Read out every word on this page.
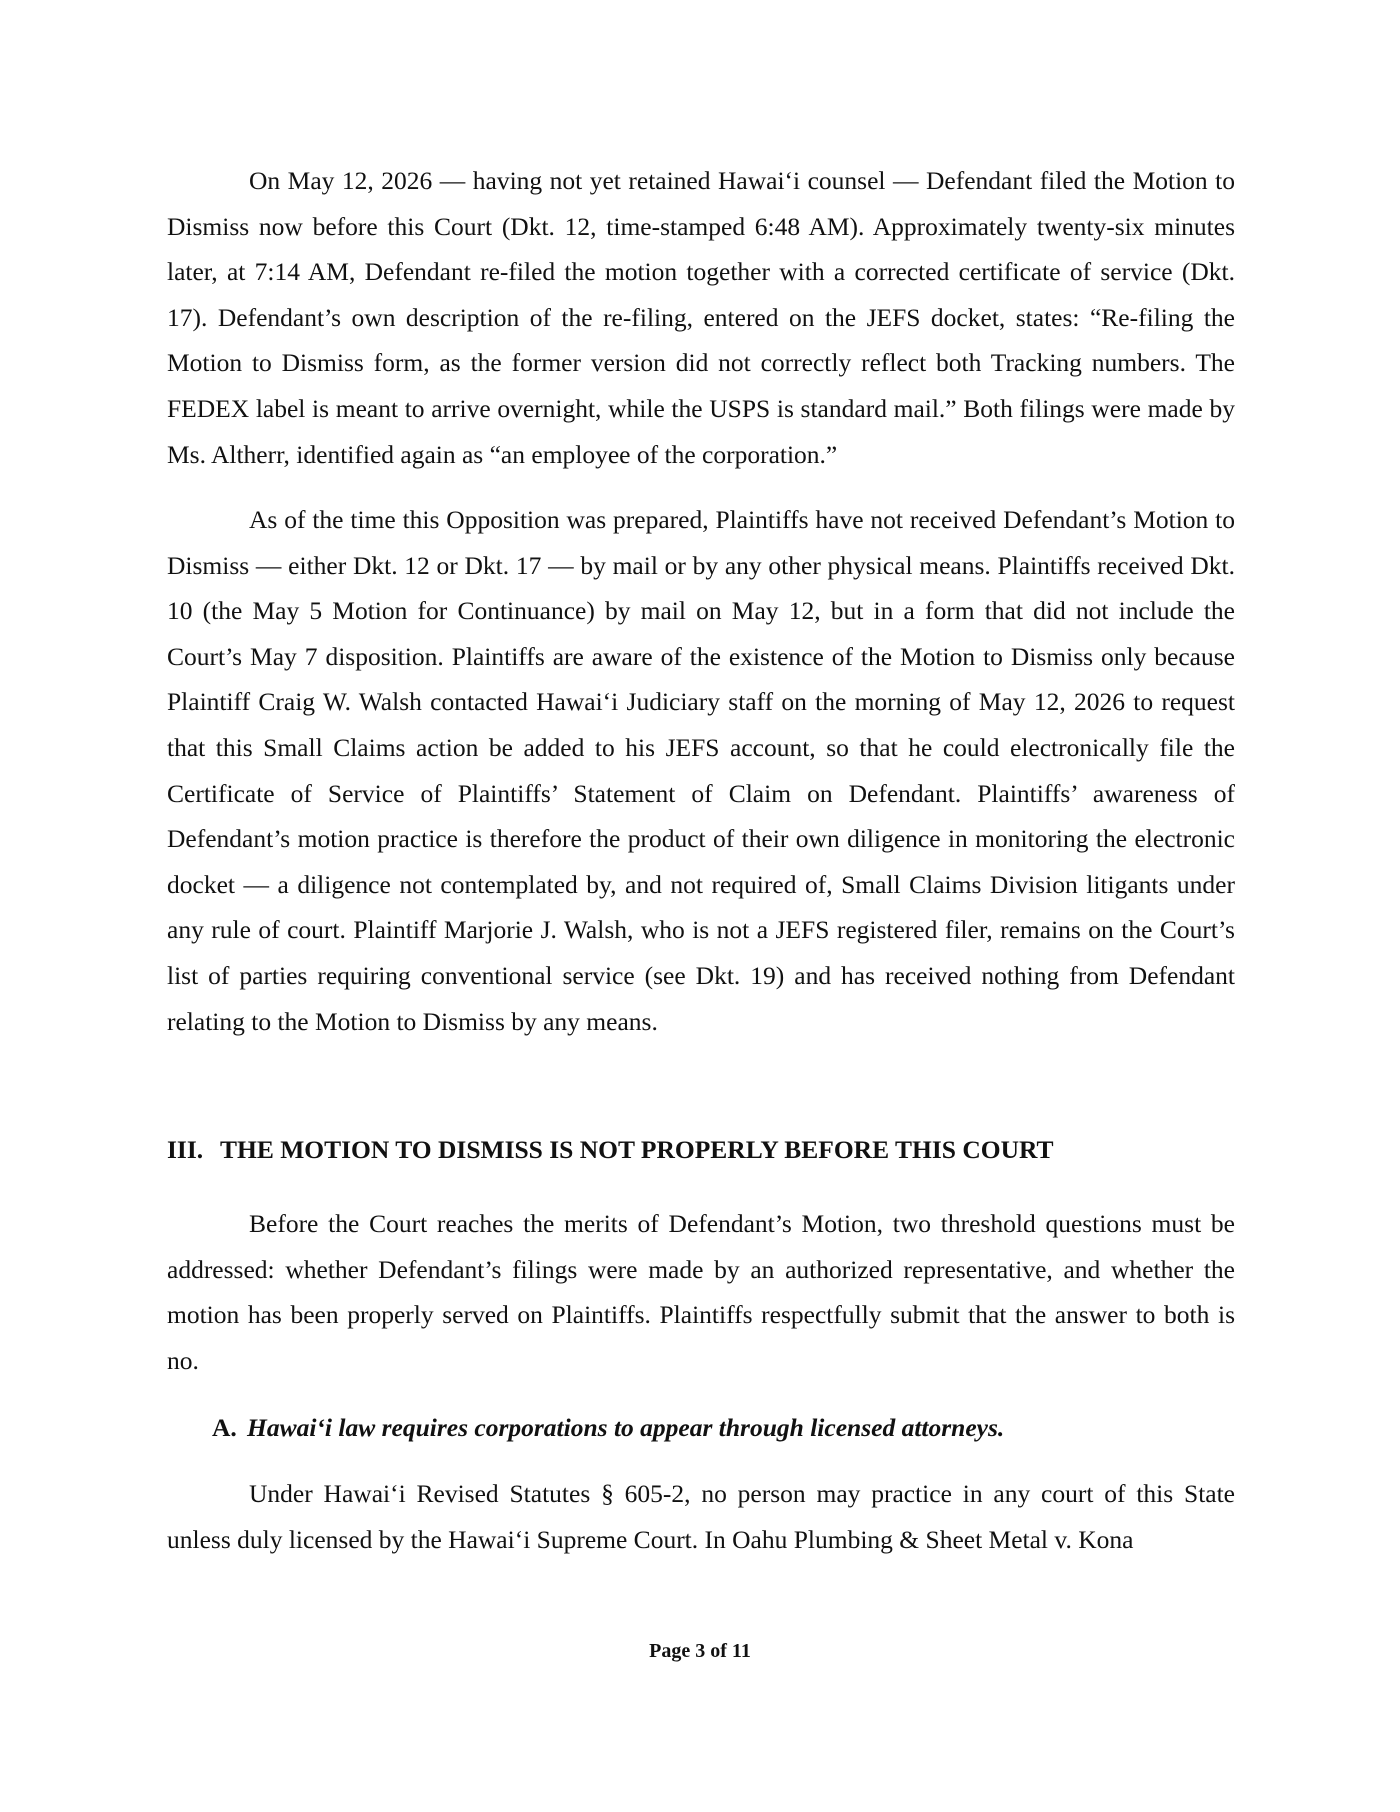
On May 12, 2026 — having not yet retained Hawai‘i counsel — Defendant filed the Motion to Dismiss now before this Court (Dkt. 12, time-stamped 6:48 AM). Approximately twenty-six minutes later, at 7:14 AM, Defendant re-filed the motion together with a corrected certificate of service (Dkt. 17). Defendant’s own description of the re-filing, entered on the JEFS docket, states: “Re-filing the Motion to Dismiss form, as the former version did not correctly reflect both Tracking numbers. The FEDEX label is meant to arrive overnight, while the USPS is standard mail.” Both filings were made by Ms. Altherr, identified again as “an employee of the corporation.”

As of the time this Opposition was prepared, Plaintiffs have not received Defendant’s Motion to Dismiss — either Dkt. 12 or Dkt. 17 — by mail or by any other physical means. Plaintiffs received Dkt. 10 (the May 5 Motion for Continuance) by mail on May 12, but in a form that did not include the Court’s May 7 disposition. Plaintiffs are aware of the existence of the Motion to Dismiss only because Plaintiff Craig W. Walsh contacted Hawai‘i Judiciary staff on the morning of May 12, 2026 to request that this Small Claims action be added to his JEFS account, so that he could electronically file the Certificate of Service of Plaintiffs’ Statement of Claim on Defendant. Plaintiffs’ awareness of Defendant’s motion practice is therefore the product of their own diligence in monitoring the electronic docket — a diligence not contemplated by, and not required of, Small Claims Division litigants under any rule of court. Plaintiff Marjorie J. Walsh, who is not a JEFS registered filer, remains on the Court’s list of parties requiring conventional service (see Dkt. 19) and has received nothing from Defendant relating to the Motion to Dismiss by any means.

III. THE MOTION TO DISMISS IS NOT PROPERLY BEFORE THIS COURT

Before the Court reaches the merits of Defendant’s Motion, two threshold questions must be addressed: whether Defendant’s filings were made by an authorized representative, and whether the motion has been properly served on Plaintiffs. Plaintiffs respectfully submit that the answer to both is no.

A. Hawai‘i law requires corporations to appear through licensed attorneys.

Under Hawai‘i Revised Statutes § 605-2, no person may practice in any court of this State unless duly licensed by the Hawai‘i Supreme Court. In Oahu Plumbing & Sheet Metal v. Kona

Page 3 of 11
